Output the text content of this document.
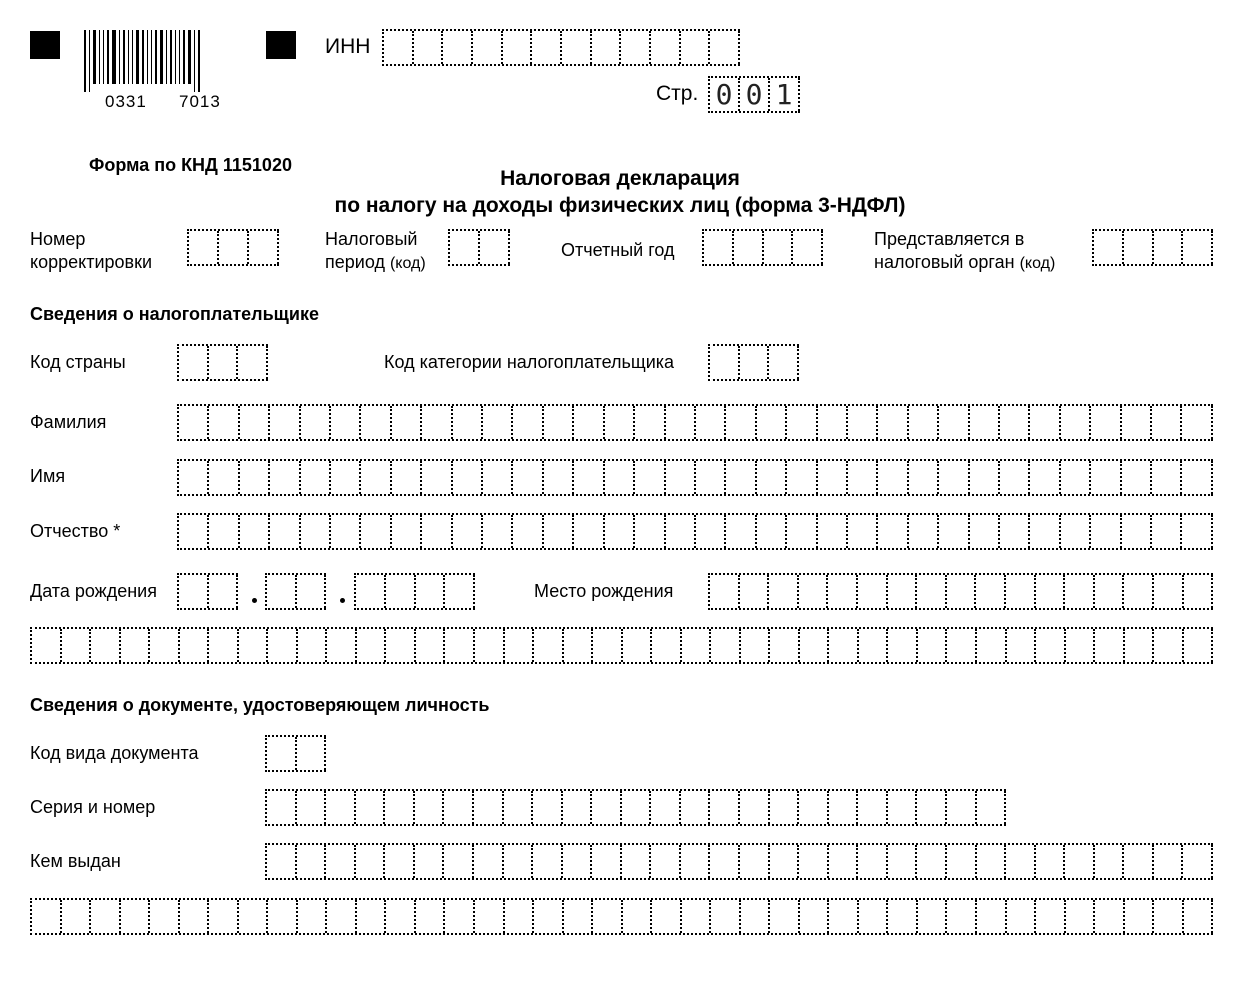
0331 7013
ИНН
Стр. 0 0 1
Форма по КНД 1151020
Налоговая декларация
по налогу на доходы физических лиц (форма 3-НДФЛ)
Номер
корректировки
Налоговый
период (код)
Отчетный год
Представляется в
налоговый орган (код)
Сведения о налогоплательщике
Код страны	Код категории налогоплательщика
Фамилия
Имя
Отчество *
Дата рождения	Место рождения
Сведения о документе, удостоверяющем личность
Код вида документа
Серия и номер
Кем выдан
